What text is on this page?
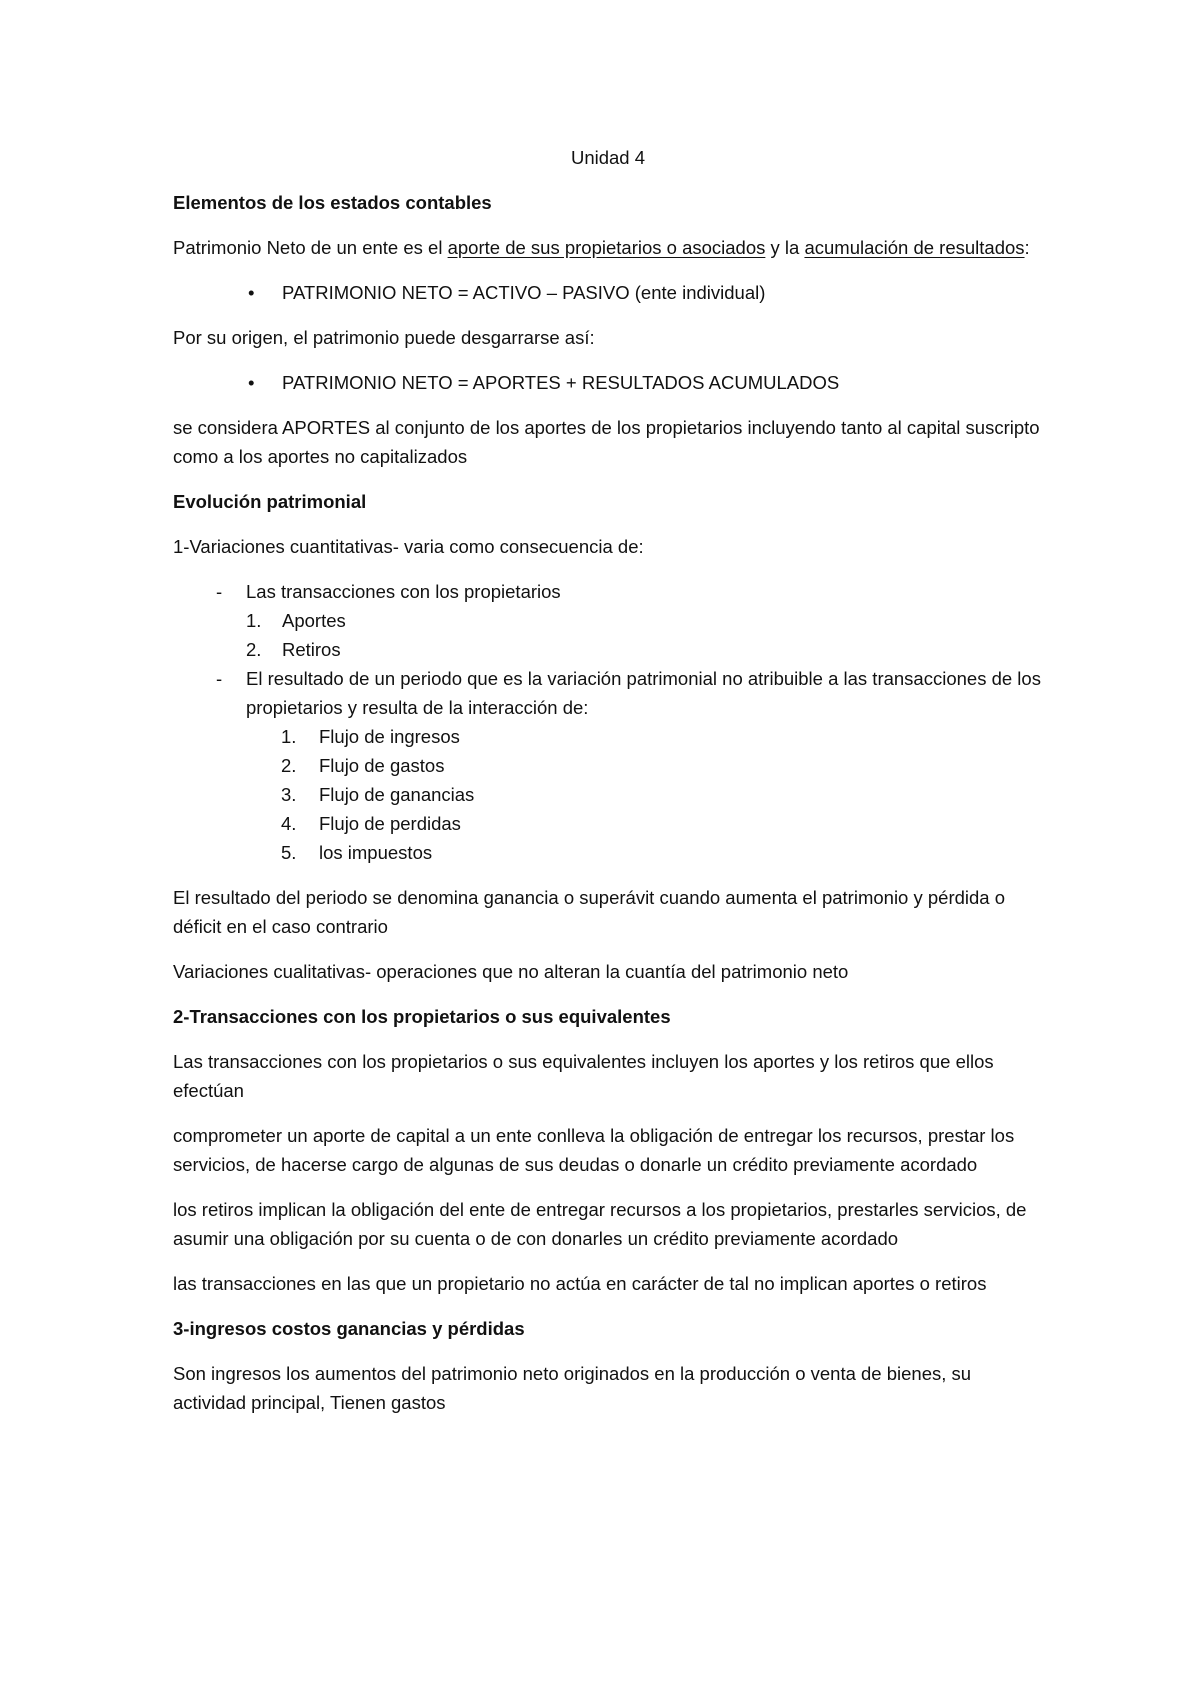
Unidad 4
Elementos de los estados contables
Patrimonio Neto de un ente es el aporte de sus propietarios o asociados y la acumulación de resultados:
• PATRIMONIO NETO = ACTIVO – PASIVO (ente individual)
Por su origen, el patrimonio puede desgarrarse así:
• PATRIMONIO NETO = APORTES + RESULTADOS ACUMULADOS
se considera APORTES al conjunto de los aportes de los propietarios incluyendo tanto al capital suscripto como a los aportes no capitalizados
Evolución patrimonial
1-Variaciones cuantitativas- varia como consecuencia de:
- Las transacciones con los propietarios
1. Aportes
2. Retiros
- El resultado de un periodo que es la variación patrimonial no atribuible a las transacciones de los propietarios y resulta de la interacción de:
1. Flujo de ingresos
2. Flujo de gastos
3. Flujo de ganancias
4. Flujo de perdidas
5. los impuestos
El resultado del periodo se denomina ganancia o superávit cuando aumenta el patrimonio y pérdida o déficit en el caso contrario
Variaciones cualitativas- operaciones que no alteran la cuantía del patrimonio neto
2-Transacciones con los propietarios o sus equivalentes
Las transacciones con los propietarios o sus equivalentes incluyen los aportes y los retiros que ellos efectúan
comprometer un aporte de capital a un ente conlleva la obligación de entregar los recursos, prestar los servicios, de hacerse cargo de algunas de sus deudas o donarle un crédito previamente acordado
los retiros implican la obligación del ente de entregar recursos a los propietarios, prestarles servicios, de asumir una obligación por su cuenta o de con donarles un crédito previamente acordado
las transacciones en las que un propietario no actúa en carácter de tal no implican aportes o retiros
3-ingresos costos ganancias y pérdidas
Son ingresos los aumentos del patrimonio neto originados en la producción o venta de bienes, su actividad principal, Tienen gastos
